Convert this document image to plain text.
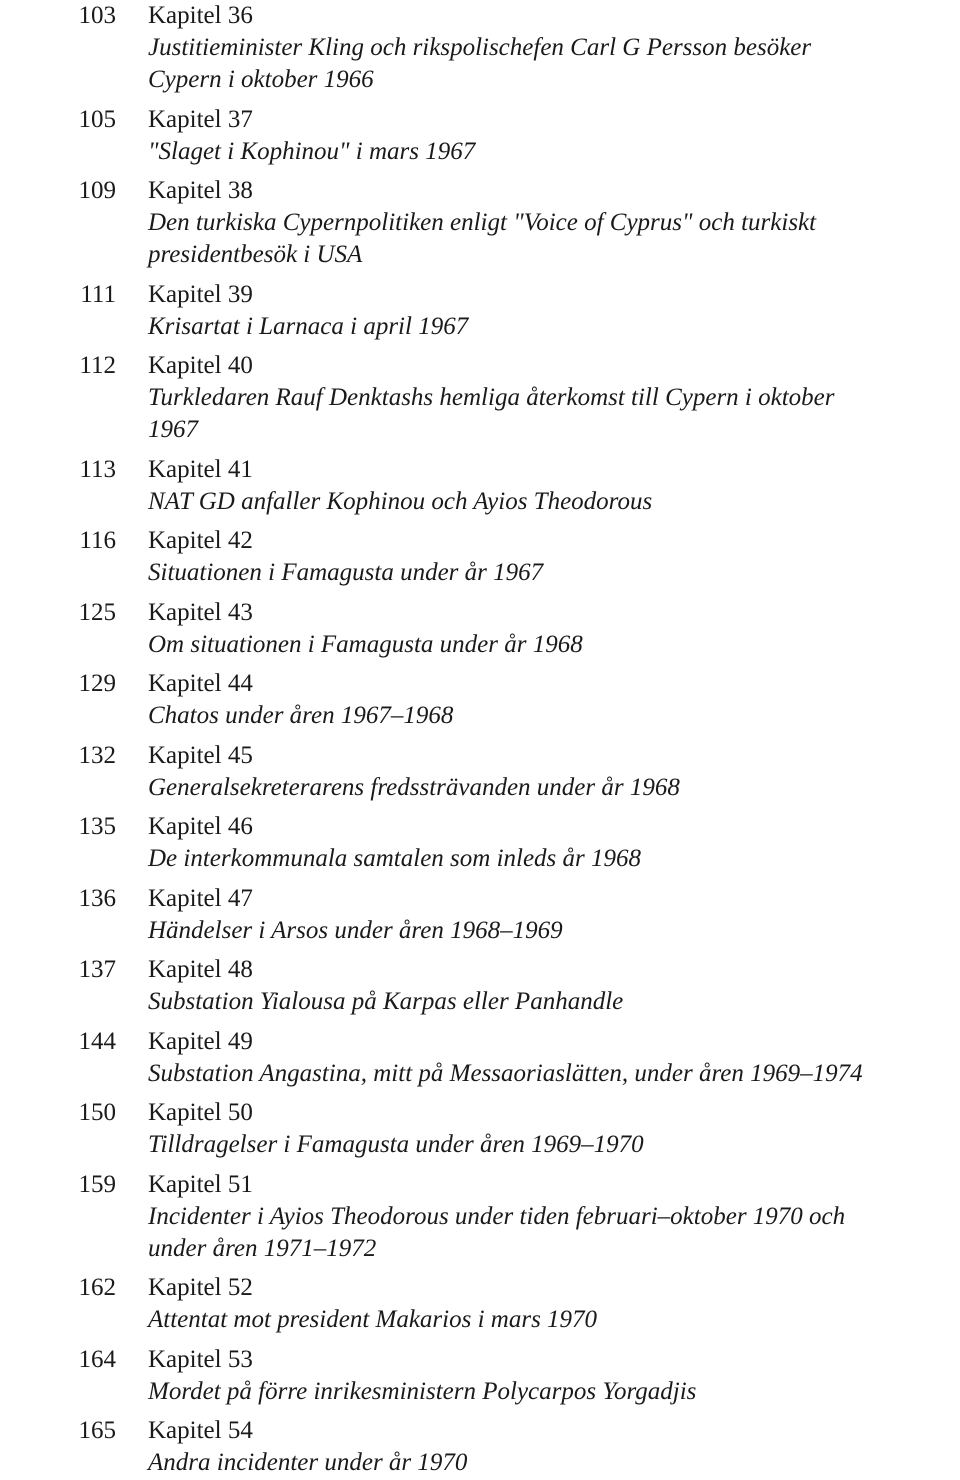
103 Kapitel 36
Justitieminister Kling och rikspolischefen Carl G Persson besöker
Cypern i oktober 1966
105 Kapitel 37
"Slaget i Kophinou" i mars 1967
109 Kapitel 38
Den turkiska Cypernpolitiken enligt "Voice of Cyprus" och turkiskt
presidentbesök i USA
111 Kapitel 39
Krisartat i Larnaca i april 1967
112 Kapitel 40
Turkledaren Rauf Denktashs hemliga återkomst till Cypern i oktober
1967
113 Kapitel 41
NAT GD anfaller Kophinou och Ayios Theodorous
116 Kapitel 42
Situationen i Famagusta under år 1967
125 Kapitel 43
Om situationen i Famagusta under år 1968
129 Kapitel 44
Chatos under åren 1967–1968
132 Kapitel 45
Generalsekreterarens fredssträvanden under år 1968
135 Kapitel 46
De interkommunala samtalen som inleds år 1968
136 Kapitel 47
Händelser i Arsos under åren 1968–1969
137 Kapitel 48
Substation Yialousa på Karpas eller Panhandle
144 Kapitel 49
Substation Angastina, mitt på Messaoriaslätten, under åren 1969–1974
150 Kapitel 50
Tilldragelser i Famagusta under åren 1969–1970
159 Kapitel 51
Incidenter i Ayios Theodorous under tiden februari–oktober 1970 och
under åren 1971–1972
162 Kapitel 52
Attentat mot president Makarios i mars 1970
164 Kapitel 53
Mordet på förre inrikesministern Polycarpos Yorgadjis
165 Kapitel 54
Andra incidenter under år 1970
